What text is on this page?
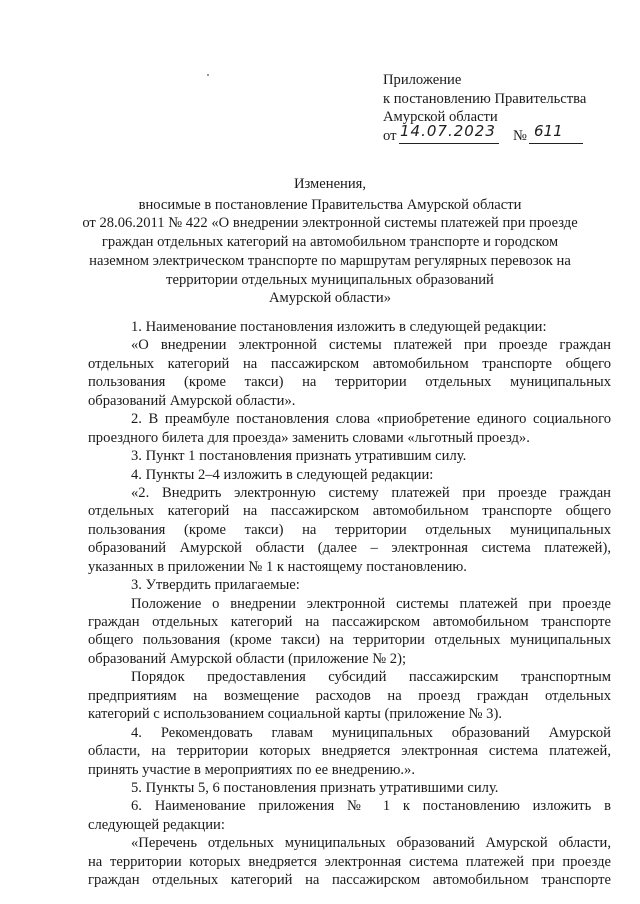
Приложение
к постановлению Правительства
Амурской области
от 14.07.2023 № 611
Изменения,
вносимые в постановление Правительства Амурской области
от 28.06.2011 № 422 «О внедрении электронной системы платежей при проезде
граждан отдельных категорий на автомобильном транспорте и городском
наземном электрическом транспорте по маршрутам регулярных перевозок на
территории отдельных муниципальных образований
Амурской области»
1. Наименование постановления изложить в следующей редакции:
«О внедрении электронной системы платежей при проезде граждан
отдельных категорий на пассажирском автомобильном транспорте общего
пользования (кроме такси) на территории отдельных муниципальных
образований Амурской области».
2. В преамбуле постановления слова «приобретение единого социального
проездного билета для проезда» заменить словами «льготный проезд».
3. Пункт 1 постановления признать утратившим силу.
4. Пункты 2–4 изложить в следующей редакции:
«2. Внедрить электронную систему платежей при проезде граждан
отдельных категорий на пассажирском автомобильном транспорте общего
пользования (кроме такси) на территории отдельных муниципальных
образований Амурской области (далее – электронная система платежей),
указанных в приложении № 1 к настоящему постановлению.
3. Утвердить прилагаемые:
Положение о внедрении электронной системы платежей при проезде
граждан отдельных категорий на пассажирском автомобильном транспорте
общего пользования (кроме такси) на территории отдельных муниципальных
образований Амурской области (приложение № 2);
Порядок предоставления субсидий пассажирским транспортным
предприятиям на возмещение расходов на проезд граждан отдельных
категорий с использованием социальной карты (приложение № 3).
4. Рекомендовать главам муниципальных образований Амурской
области, на территории которых внедряется электронная система платежей,
принять участие в мероприятиях по ее внедрению.».
5. Пункты 5, 6 постановления признать утратившими силу.
6. Наименование приложения № 1 к постановлению изложить в
следующей редакции:
«Перечень отдельных муниципальных образований Амурской области,
на территории которых внедряется электронная система платежей при проезде
граждан отдельных категорий на пассажирском автомобильном транспорте
